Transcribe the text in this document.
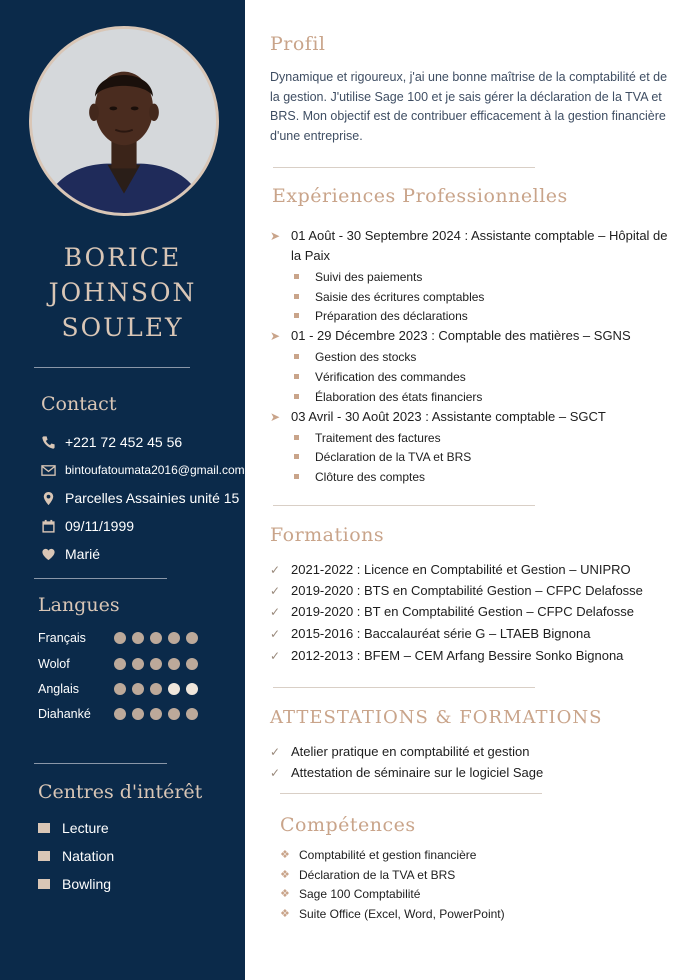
BORICE
JOHNSON
SOULEY
Contact
+221 72 452 45 56
bintoufatoumata2016@gmail.com
Parcelles Assainies unité 15
09/11/1999
Marié
Langues
Français
Wolof
Anglais
Diahanké
Centres d'intérêt
Lecture
Natation
Bowling
Profil
Dynamique et rigoureux, j'ai une bonne maîtrise de la comptabilité et de la gestion. J'utilise Sage 100 et je sais gérer la déclaration de la TVA et BRS. Mon objectif est de contribuer efficacement à la gestion financière d'une entreprise.
Expériences Professionnelles
➤ 01 Août - 30 Septembre 2024 : Assistante comptable – Hôpital de la Paix
Suivi des paiements
Saisie des écritures comptables
Préparation des déclarations
➤ 01 - 29 Décembre 2023 : Comptable des matières – SGNS
Gestion des stocks
Vérification des commandes
Élaboration des états financiers
➤ 03 Avril - 30 Août 2023 : Assistante comptable – SGCT
Traitement des factures
Déclaration de la TVA et BRS
Clôture des comptes
Formations
✓ 2021-2022 : Licence en Comptabilité et Gestion – UNIPRO
✓ 2019-2020 : BTS en Comptabilité Gestion – CFPC Delafosse
✓ 2019-2020 : BT en Comptabilité Gestion – CFPC Delafosse
✓ 2015-2016 : Baccalauréat série G – LTAEB Bignona
✓ 2012-2013 : BFEM – CEM Arfang Bessire Sonko Bignona
ATTESTATIONS & FORMATIONS
✓ Atelier pratique en comptabilité et gestion
✓ Attestation de séminaire sur le logiciel Sage
Compétences
❖ Comptabilité et gestion financière
❖ Déclaration de la TVA et BRS
❖ Sage 100 Comptabilité
❖ Suite Office (Excel, Word, PowerPoint)
